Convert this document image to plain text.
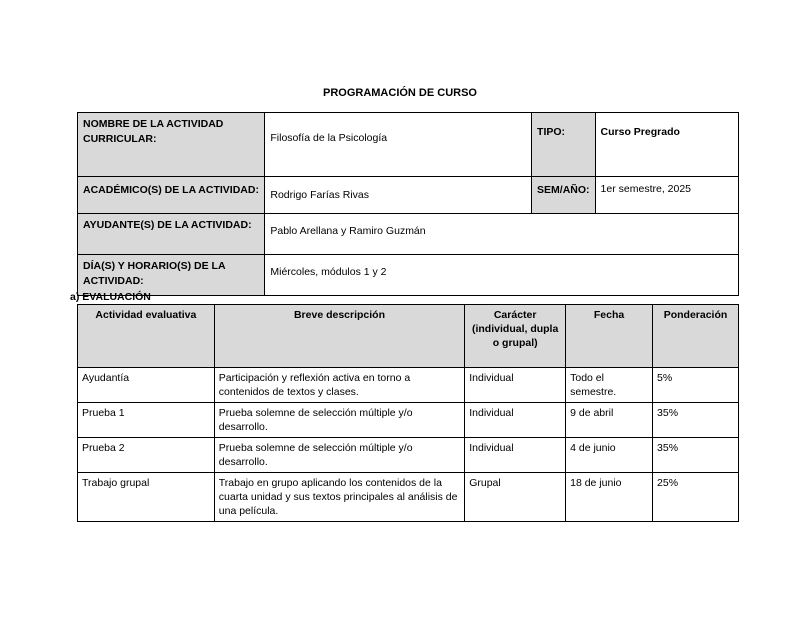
PROGRAMACIÓN DE CURSO
NOMBRE DE LA ACTIVIDAD CURRICULAR:	Filosofía de la Psicología	TIPO:	Curso Pregrado
ACADÉMICO(S) DE LA ACTIVIDAD:	Rodrigo Farías Rivas	SEM/AÑO:	1er semestre, 2025
AYUDANTE(S) DE LA ACTIVIDAD:	Pablo Arellana y Ramiro Guzmán		
DÍA(S) Y HORARIO(S) DE LA ACTIVIDAD:	Miércoles, módulos 1 y 2		
a) EVALUACIÓN
Actividad evaluativa	Breve descripción	Carácter (individual, dupla o grupal)	Fecha	Ponderación
Ayudantía	Participación y reflexión activa en torno a contenidos de textos y clases.	Individual	Todo el semestre.	5%
Prueba 1	Prueba solemne de selección múltiple y/o desarrollo.	Individual	9 de abril	35%
Prueba 2	Prueba solemne de selección múltiple y/o desarrollo.	Individual	4 de junio	35%
Trabajo grupal	Trabajo en grupo aplicando los contenidos de la cuarta unidad y sus textos principales al análisis de una película.	Grupal	18 de junio	25%
